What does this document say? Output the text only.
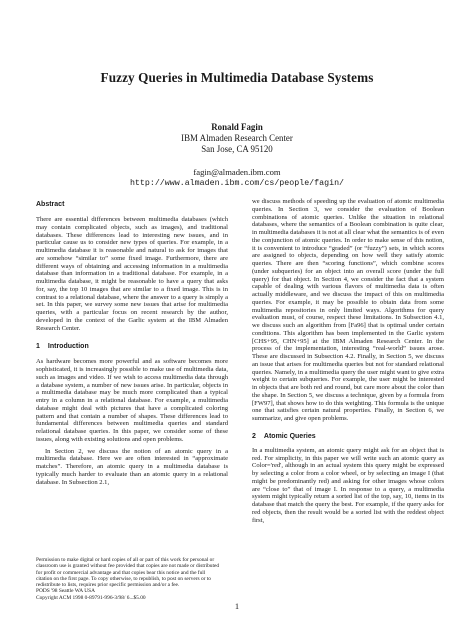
Fuzzy Queries in Multimedia Database Systems
Ronald Fagin
IBM Almaden Research Center
San Jose, CA 95120
fagin@almaden.ibm.com
http://www.almaden.ibm.com/cs/people/fagin/

Abstract

There are essential differences between multimedia databases (which may contain complicated objects, such as images), and traditional databases. These differences lead to interesting new issues, and in particular cause us to consider new types of queries. For example, in a multimedia database it is reasonable and natural to ask for images that are somehow “similar to” some fixed image. Furthermore, there are different ways of obtaining and accessing information in a multimedia database than information in a traditional database. For example, in a multimedia database, it might be reasonable to have a query that asks for, say, the top 10 images that are similar to a fixed image. This is in contrast to a relational database, where the answer to a query is simply a set. In this paper, we survey some new issues that arise for multimedia queries, with a particular focus on recent research by the author, developed in the context of the Garlic system at the IBM Almaden Research Center.

1 Introduction

As hardware becomes more powerful and as software becomes more sophisticated, it is increasingly possible to make use of multimedia data, such as images and video. If we wish to access multimedia data through a database system, a number of new issues arise. In particular, objects in a multimedia database may be much more complicated than a typical entry in a column in a relational database. For example, a multimedia database might deal with pictures that have a complicated coloring pattern and that contain a number of shapes. These differences lead to fundamental differences between multimedia queries and standard relational database queries. In this paper, we consider some of these issues, along with existing solutions and open problems.

In Section 2, we discuss the notion of an atomic query in a multimedia database. Here we are often interested in “approximate matches”. Therefore, an atomic query in a multimedia database is typically much harder to evaluate than an atomic query in a relational database. In Subsection 2.1,

we discuss methods of speeding up the evaluation of atomic multimedia queries. In Section 3, we consider the evaluation of Boolean combinations of atomic queries. Unlike the situation in relational databases, where the semantics of a Boolean combination is quite clear, in multimedia databases it is not at all clear what the semantics is of even the conjunction of atomic queries. In order to make sense of this notion, it is convenient to introduce “graded” (or “fuzzy”) sets, in which scores are assigned to objects, depending on how well they satisfy atomic queries. There are then “scoring functions”, which combine scores (under subqueries) for an object into an overall score (under the full query) for that object. In Section 4, we consider the fact that a system capable of dealing with various flavors of multimedia data is often actually middleware, and we discuss the impact of this on multimedia queries. For example, it may be possible to obtain data from some multimedia repositories in only limited ways. Algorithms for query evaluation must, of course, respect these limitations. In Subsection 4.1, we discuss such an algorithm from [Fa96] that is optimal under certain conditions. This algorithm has been implemented in the Garlic system [CHS+95, CHN+95] at the IBM Almaden Research Center. In the process of the implementation, interesting “real-world” issues arose. These are discussed in Subsection 4.2. Finally, in Section 5, we discuss an issue that arises for multimedia queries but not for standard relational queries. Namely, in a multimedia query the user might want to give extra weight to certain subqueries. For example, the user might be interested in objects that are both red and round, but care more about the color than the shape. In Section 5, we discuss a technique, given by a formula from [FW97], that shows how to do this weighting. This formula is the unique one that satisfies certain natural properties. Finally, in Section 6, we summarize, and give open problems.

2 Atomic Queries

In a multimedia system, an atomic query might ask for an object that is red. For simplicity, in this paper we will write such an atomic query as Color='red', although in an actual system this query might be expressed by selecting a color from a color wheel, or by selecting an image I (that might be predominantly red) and asking for other images whose colors are “close to” that of image I. In response to a query, a multimedia system might typically return a sorted list of the top, say, 10, items in its database that match the query the best. For example, if the query asks for red objects, then the result would be a sorted list with the reddest object first,

Permission to make digital or hard copies of all or part of this work for personal or classroom use is granted without fee provided that copies are not made or distributed for profit or commercial advantage and that copies bear this notice and the full citation on the first page. To copy otherwise, to republish, to post on servers or to redistribute to lists, requires prior specific permission and/or a fee.
PODS '98 Seattle WA USA
Copyright ACM 1998 0-89791-996-3/98/ 6...$5.00
1
